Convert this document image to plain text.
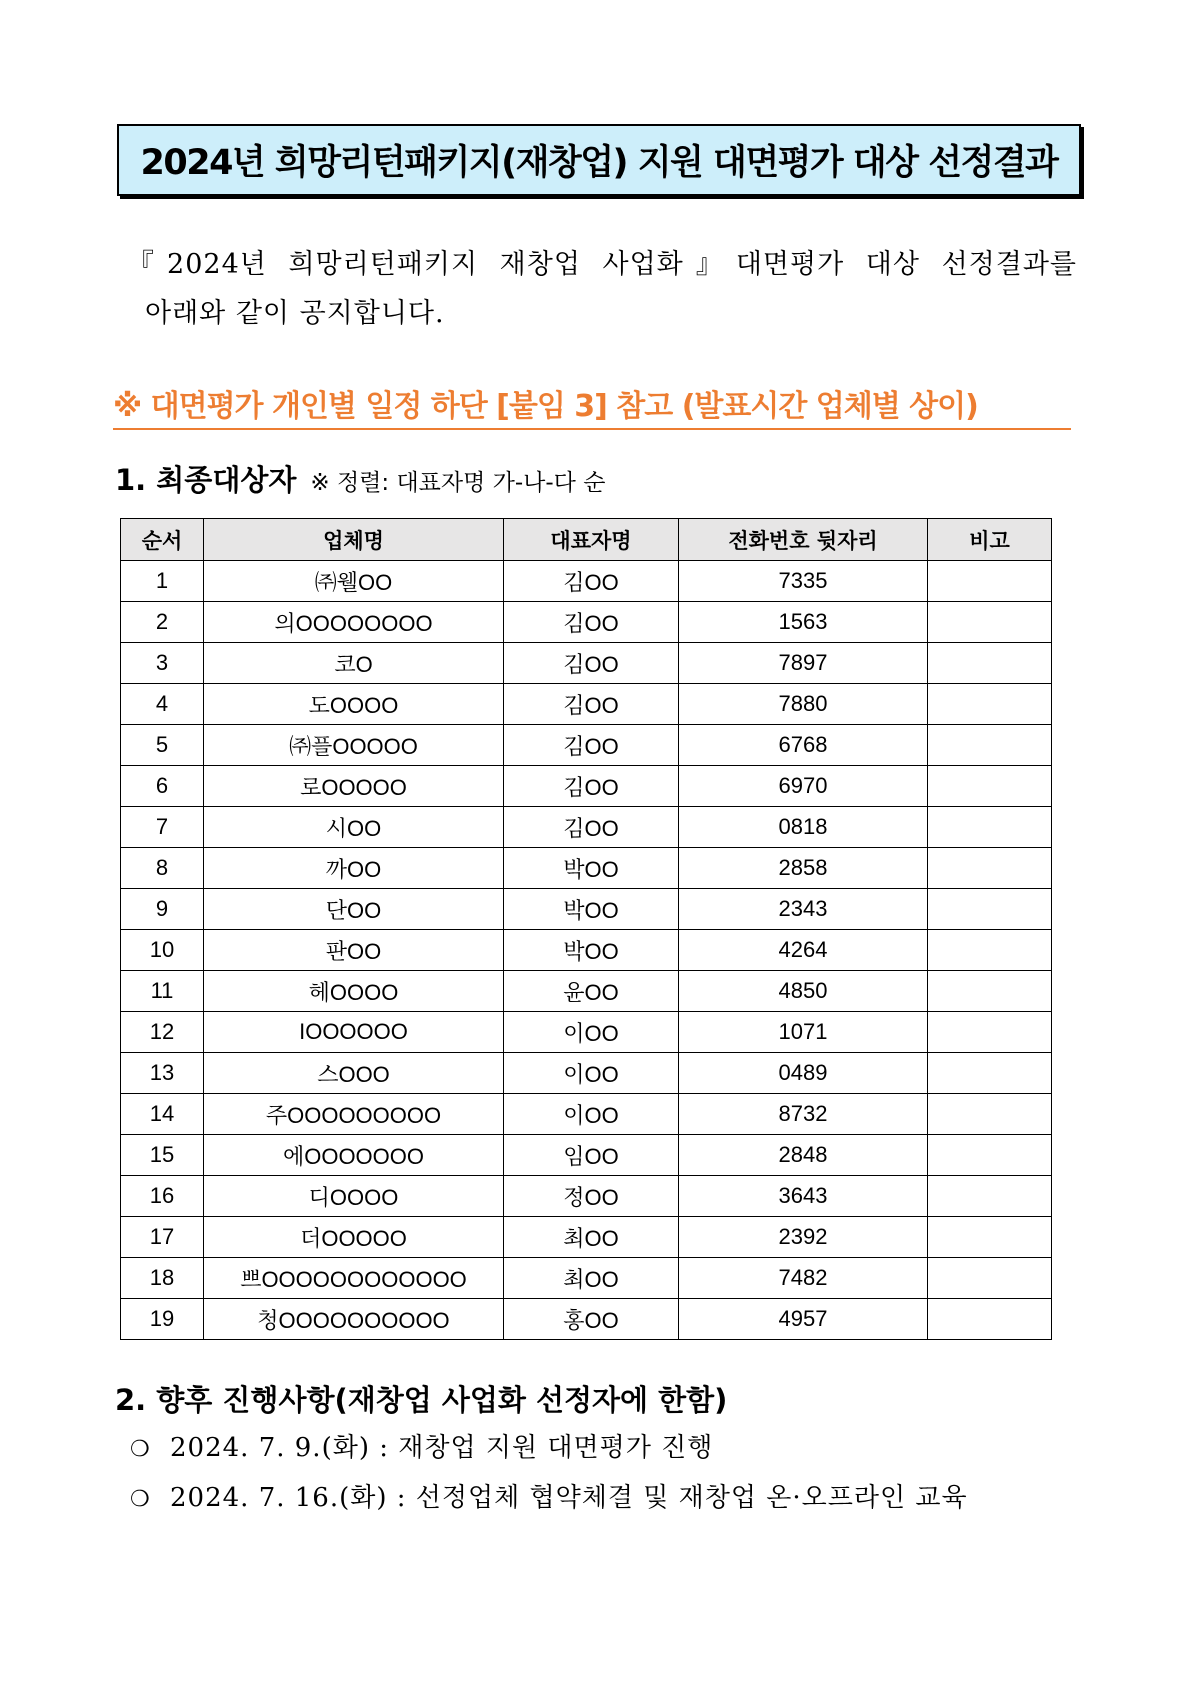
2024년 희망리턴패키지(재창업) 지원 대면평가 대상 선정결과
『2024년 희망리턴패키지 재창업 사업화』대면평가 대상 선정결과를
아래와 같이 공지합니다.
※ 대면평가 개인별 일정 하단 [붙임 3] 참고 (발표시간 업체별 상이)
1. 최종대상자 ※ 정렬: 대표자명 가-나-다 순
순서	업체명	대표자명	전화번호 뒷자리	비고
1	㈜웰OO	김OO	7335	
2	의OOOOOOOO	김OO	1563	
3	코O	김OO	7897	
4	도OOOO	김OO	7880	
5	㈜플OOOOO	김OO	6768	
6	로OOOOO	김OO	6970	
7	시OO	김OO	0818	
8	까OO	박OO	2858	
9	단OO	박OO	2343	
10	판OO	박OO	4264	
11	헤OOOO	윤OO	4850	
12	IOOOOOO	이OO	1071	
13	스OOO	이OO	0489	
14	주OOOOOOOOO	이OO	8732	
15	에OOOOOOO	임OO	2848	
16	디OOOO	정OO	3643	
17	더OOOOO	최OO	2392	
18	쁘OOOOOOOOOOOO	최OO	7482	
19	청OOOOOOOOOO	홍OO	4957	
2. 향후 진행사항(재창업 사업화 선정자에 한함)
❍ 2024. 7. 9.(화) : 재창업 지원 대면평가 진행
❍ 2024. 7. 16.(화) : 선정업체 협약체결 및 재창업 온·오프라인 교육
